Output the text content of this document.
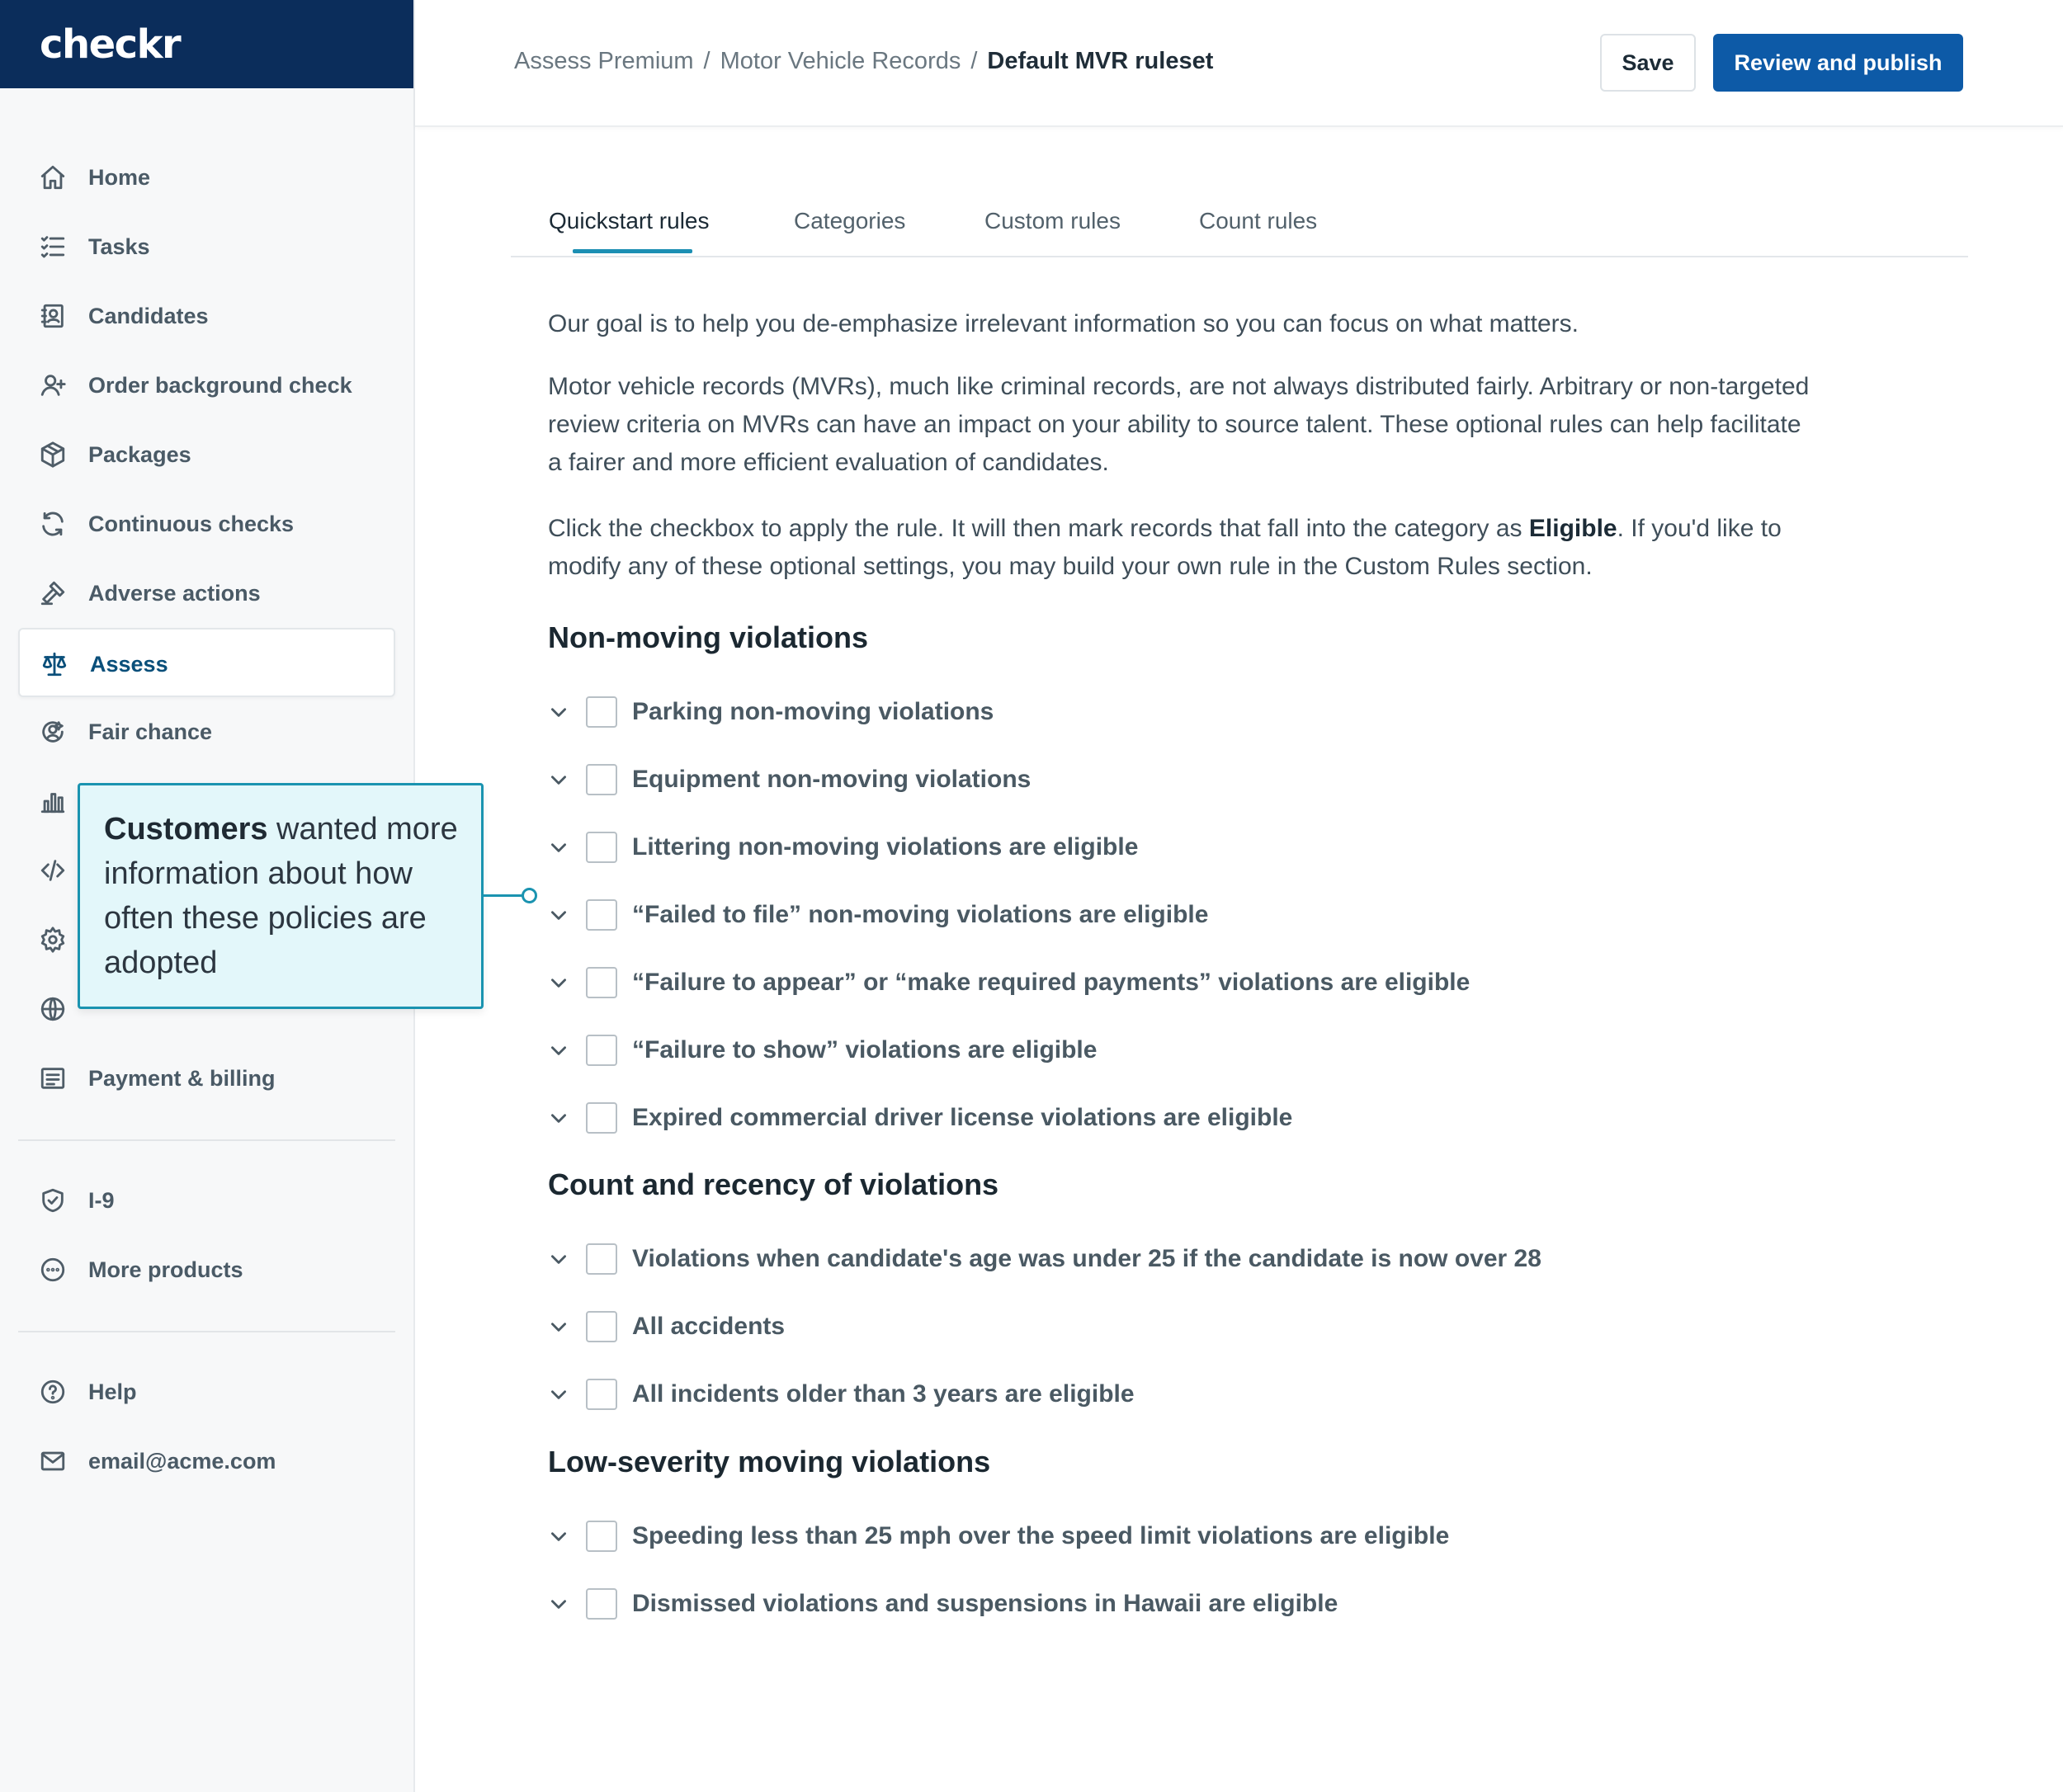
checkr
Home
Tasks
Candidates
Order background check
Packages
Continuous checks
Adverse actions
Assess
Fair chance
Payment & billing
I-9
More products
Help
email@acme.com
Assess Premium / Motor Vehicle Records / Default MVR ruleset	Save	Review and publish
Quickstart rules	Categories	Custom rules	Count rules

Our goal is to help you de-emphasize irrelevant information so you can focus on what matters.

Motor vehicle records (MVRs), much like criminal records, are not always distributed fairly. Arbitrary or non-targeted review criteria on MVRs can have an impact on your ability to source talent. These optional rules can help facilitate a fairer and more efficient evaluation of candidates.

Click the checkbox to apply the rule. It will then mark records that fall into the category as Eligible. If you'd like to modify any of these optional settings, you may build your own rule in the Custom Rules section.

Non-moving violations
Parking non-moving violations
Equipment non-moving violations
Littering non-moving violations are eligible
“Failed to file” non-moving violations are eligible
“Failure to appear” or “make required payments” violations are eligible
“Failure to show” violations are eligible
Expired commercial driver license violations are eligible
Count and recency of violations
Violations when candidate's age was under 25 if the candidate is now over 28
All accidents
All incidents older than 3 years are eligible
Low-severity moving violations
Speeding less than 25 mph over the speed limit violations are eligible
Dismissed violations and suspensions in Hawaii are eligible
Customers wanted more information about how often these policies are adopted
